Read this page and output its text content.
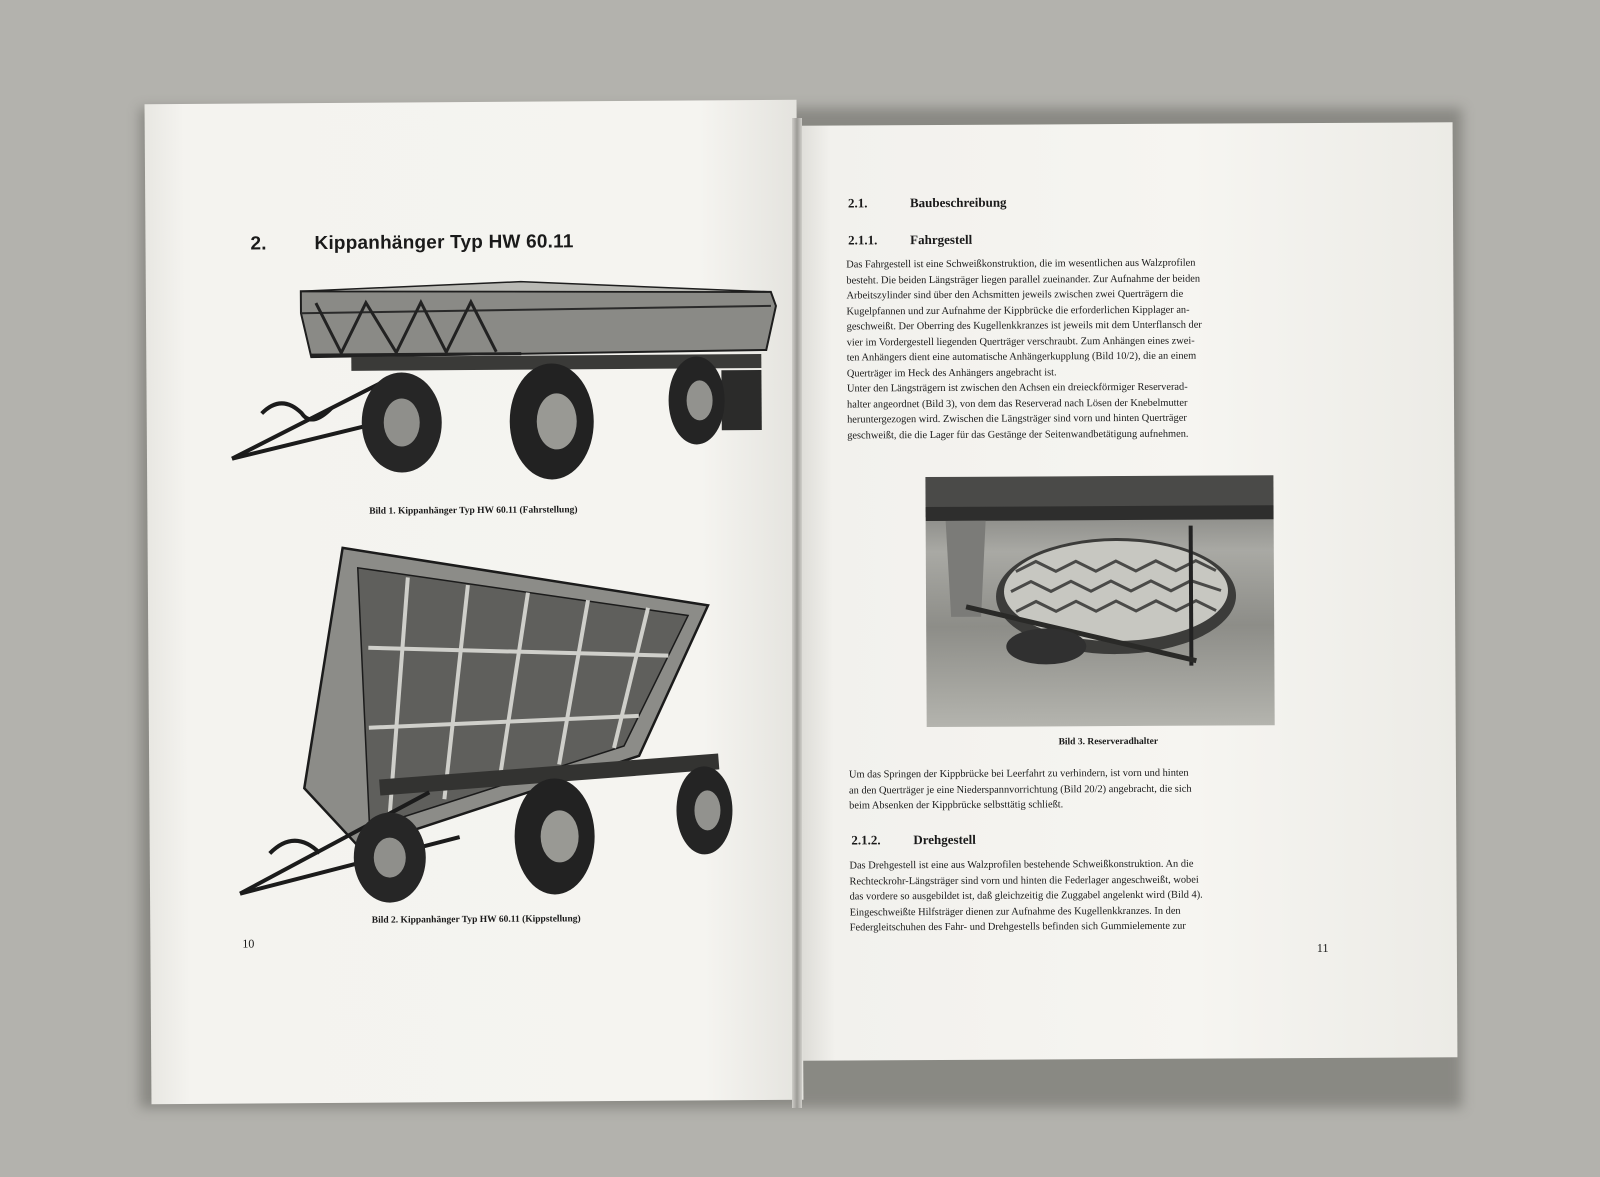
2.	Kippanhänger Typ HW 60.11
Bild 1. Kippanhänger Typ HW 60.11 (Fahrstellung)
Bild 2. Kippanhänger Typ HW 60.11 (Kippstellung)
10
2.1.	Baubeschreibung
2.1.1.	Fahrgestell
Das Fahrgestell ist eine Schweißkonstruktion, die im wesentlichen aus Walzprofilen
besteht. Die beiden Längsträger liegen parallel zueinander. Zur Aufnahme der beiden
Arbeitszylinder sind über den Achsmitten jeweils zwischen zwei Querträgern die
Kugelpfannen und zur Aufnahme der Kippbrücke die erforderlichen Kipplager an-
geschweißt. Der Oberring des Kugellenkkranzes ist jeweils mit dem Unterflansch der
vier im Vordergestell liegenden Querträger verschraubt. Zum Anhängen eines zwei-
ten Anhängers dient eine automatische Anhängerkupplung (Bild 10/2), die an einem
Querträger im Heck des Anhängers angebracht ist.
Unter den Längsträgern ist zwischen den Achsen ein dreieckförmiger Reserverad-
halter angeordnet (Bild 3), von dem das Reserverad nach Lösen der Knebelmutter
heruntergezogen wird. Zwischen die Längsträger sind vorn und hinten Querträger
geschweißt, die die Lager für das Gestänge der Seitenwandbetätigung aufnehmen.
Bild 3. Reserveradhalter
Um das Springen der Kippbrücke bei Leerfahrt zu verhindern, ist vorn und hinten
an den Querträger je eine Niederspannvorrichtung (Bild 20/2) angebracht, die sich
beim Absenken der Kippbrücke selbsttätig schließt.
2.1.2.	Drehgestell
Das Drehgestell ist eine aus Walzprofilen bestehende Schweißkonstruktion. An die
Rechteckrohr-Längsträger sind vorn und hinten die Federlager angeschweißt, wobei
das vordere so ausgebildet ist, daß gleichzeitig die Zuggabel angelenkt wird (Bild 4).
Eingeschweißte Hilfsträger dienen zur Aufnahme des Kugellenkkranzes. In den
Federgleitschuhen des Fahr- und Drehgestells befinden sich Gummielemente zur
11
